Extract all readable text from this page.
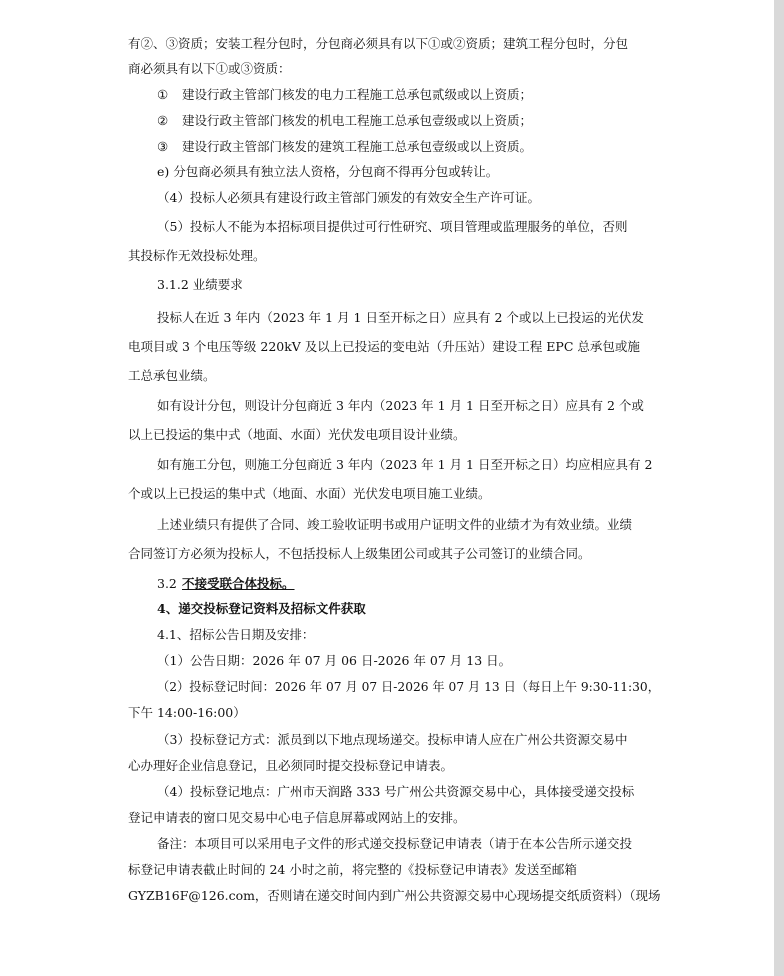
有②、③资质；安装工程分包时，分包商必须具有以下①或②资质；建筑工程分包时，分包
商必须具有以下①或③资质：
① 建设行政主管部门核发的电力工程施工总承包贰级或以上资质；
② 建设行政主管部门核发的机电工程施工总承包壹级或以上资质；
③ 建设行政主管部门核发的建筑工程施工总承包壹级或以上资质。
e) 分包商必须具有独立法人资格，分包商不得再分包或转让。
（4）投标人必须具有建设行政主管部门颁发的有效安全生产许可证。
（5）投标人不能为本招标项目提供过可行性研究、项目管理或监理服务的单位，否则
其投标作无效投标处理。
3.1.2 业绩要求
投标人在近 3 年内（2023 年 1 月 1 日至开标之日）应具有 2 个或以上已投运的光伏发
电项目或 3 个电压等级 220kV 及以上已投运的变电站（升压站）建设工程 EPC 总承包或施
工总承包业绩。
如有设计分包，则设计分包商近 3 年内（2023 年 1 月 1 日至开标之日）应具有 2 个或
以上已投运的集中式（地面、水面）光伏发电项目设计业绩。
如有施工分包，则施工分包商近 3 年内（2023 年 1 月 1 日至开标之日）均应相应具有 2
个或以上已投运的集中式（地面、水面）光伏发电项目施工业绩。
上述业绩只有提供了合同、竣工验收证明书或用户证明文件的业绩才为有效业绩。业绩
合同签订方必须为投标人，不包括投标人上级集团公司或其子公司签订的业绩合同。
3.2 不接受联合体投标。
4、递交投标登记资料及招标文件获取
4.1、招标公告日期及安排：
（1）公告日期：2026 年 07 月 06 日-2026 年 07 月 13 日。
（2）投标登记时间：2026 年 07 月 07 日-2026 年 07 月 13 日（每日上午 9:30-11:30，
下午 14:00-16:00）
（3）投标登记方式：派员到以下地点现场递交。投标申请人应在广州公共资源交易中
心办理好企业信息登记，且必须同时提交投标登记申请表。
（4）投标登记地点：广州市天润路 333 号广州公共资源交易中心，具体接受递交投标
登记申请表的窗口见交易中心电子信息屏幕或网站上的安排。
备注：本项目可以采用电子文件的形式递交投标登记申请表（请于在本公告所示递交投
标登记申请表截止时间的 24 小时之前，将完整的《投标登记申请表》发送至邮箱
GYZB16F@126.com，否则请在递交时间内到广州公共资源交易中心现场提交纸质资料）（现场
